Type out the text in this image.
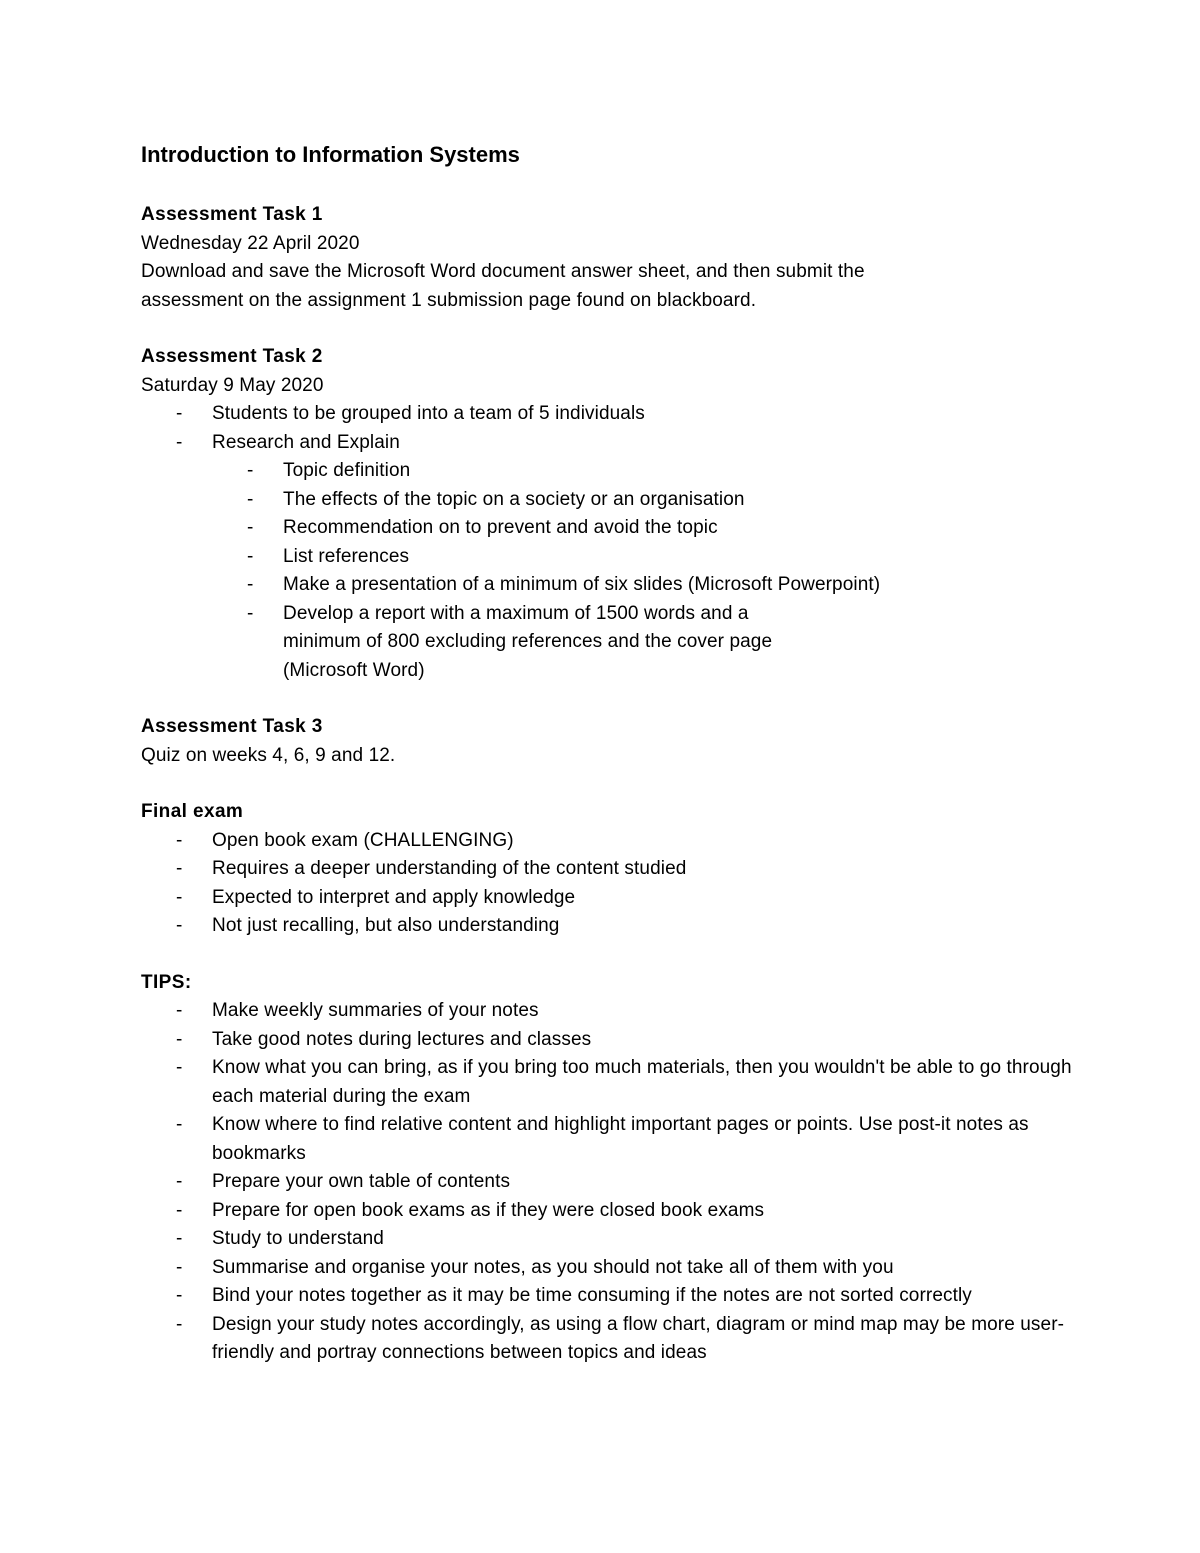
Introduction to Information Systems

Assessment Task 1

Wednesday 22 April 2020

Download and save the Microsoft Word document answer sheet, and then submit the

assessment on the assignment 1 submission page found on blackboard.

Assessment Task 2

Saturday 9 May 2020

- Students to be grouped into a team of 5 individuals
- Research and Explain
- Topic definition
- The effects of the topic on a society or an organisation
- Recommendation on to prevent and avoid the topic
- List references
- Make a presentation of a minimum of six slides (Microsoft Powerpoint)
- Develop a report with a maximum of 1500 words and a minimum of 800 excluding references and the cover page (Microsoft Word)

Assessment Task 3

Quiz on weeks 4, 6, 9 and 12.

Final exam

- Open book exam (CHALLENGING)
- Requires a deeper understanding of the content studied
- Expected to interpret and apply knowledge
- Not just recalling, but also understanding

TIPS:

- Make weekly summaries of your notes
- Take good notes during lectures and classes
- Know what you can bring, as if you bring too much materials, then you wouldn't be able to go through each material during the exam
- Know where to find relative content and highlight important pages or points. Use post-it notes as bookmarks
- Prepare your own table of contents
- Prepare for open book exams as if they were closed book exams
- Study to understand
- Summarise and organise your notes, as you should not take all of them with you
- Bind your notes together as it may be time consuming if the notes are not sorted correctly
- Design your study notes accordingly, as using a flow chart, diagram or mind map may be more user-friendly and portray connections between topics and ideas
